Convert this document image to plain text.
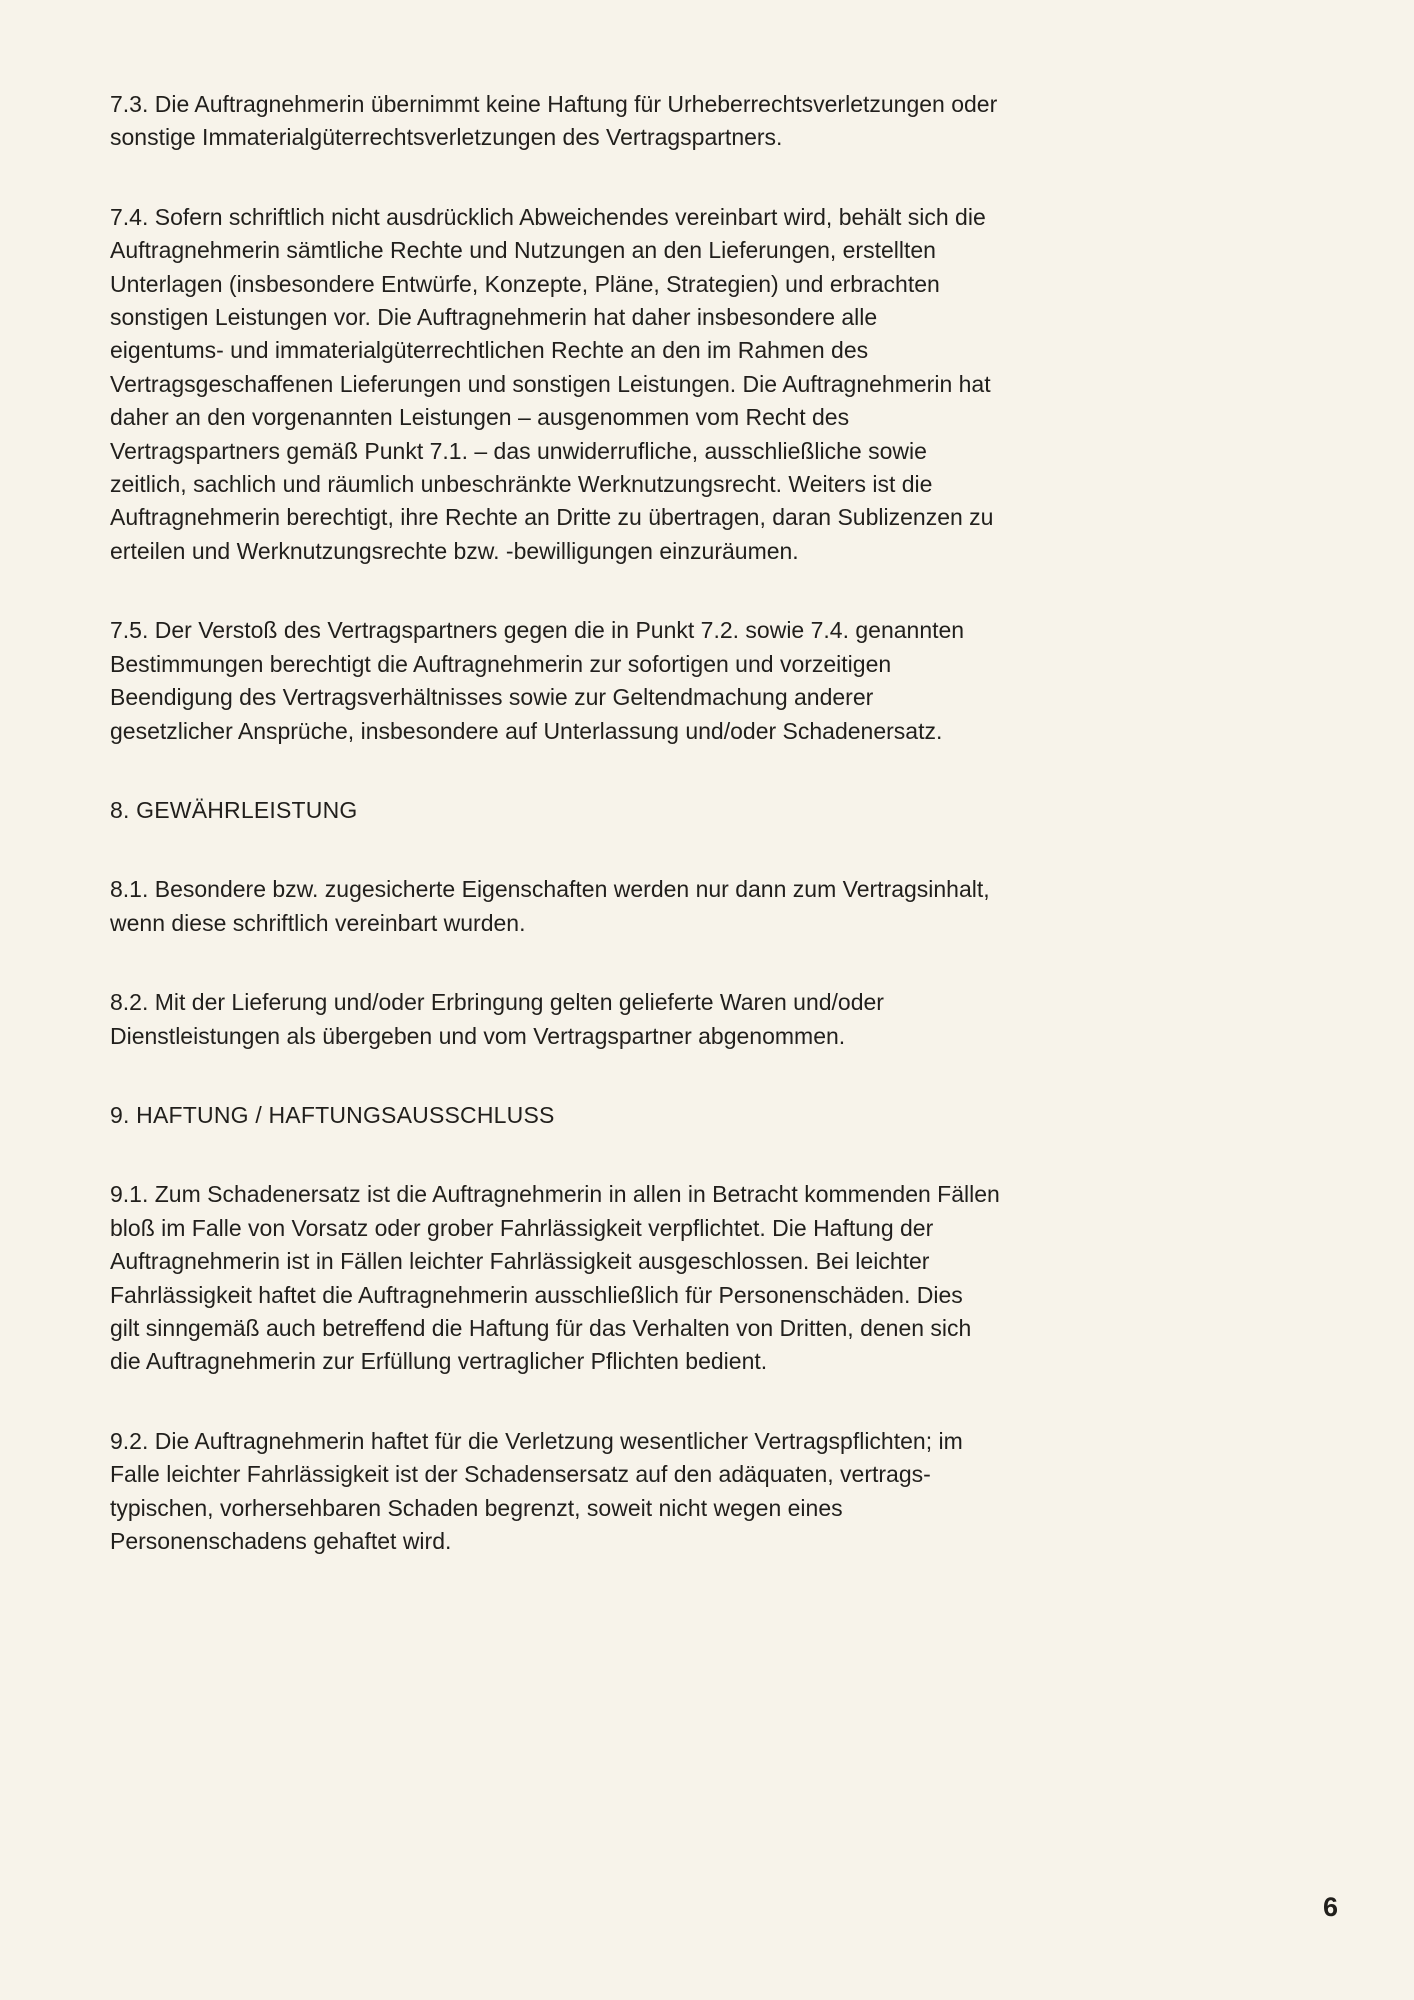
7.3. Die Auftragnehmerin übernimmt keine Haftung für Urheberrechtsverletzungen oder
sonstige Immaterialgüterrechtsverletzungen des Vertragspartners.

7.4. Sofern schriftlich nicht ausdrücklich Abweichendes vereinbart wird, behält sich die
Auftragnehmerin sämtliche Rechte und Nutzungen an den Lieferungen, erstellten
Unterlagen (insbesondere Entwürfe, Konzepte, Pläne, Strategien) und erbrachten
sonstigen Leistungen vor. Die Auftragnehmerin hat daher insbesondere alle
eigentums- und immaterialgüterrechtlichen Rechte an den im Rahmen des
Vertragsgeschaffenen Lieferungen und sonstigen Leistungen. Die Auftragnehmerin hat
daher an den vorgenannten Leistungen – ausgenommen vom Recht des
Vertragspartners gemäß Punkt 7.1. – das unwiderrufliche, ausschließliche sowie
zeitlich, sachlich und räumlich unbeschränkte Werknutzungsrecht. Weiters ist die
Auftragnehmerin berechtigt, ihre Rechte an Dritte zu übertragen, daran Sublizenzen zu
erteilen und Werknutzungsrechte bzw. -bewilligungen einzuräumen.

7.5. Der Verstoß des Vertragspartners gegen die in Punkt 7.2. sowie 7.4. genannten
Bestimmungen berechtigt die Auftragnehmerin zur sofortigen und vorzeitigen
Beendigung des Vertragsverhältnisses sowie zur Geltendmachung anderer
gesetzlicher Ansprüche, insbesondere auf Unterlassung und/oder Schadenersatz.

8. GEWÄHRLEISTUNG

8.1. Besondere bzw. zugesicherte Eigenschaften werden nur dann zum Vertragsinhalt,
wenn diese schriftlich vereinbart wurden.

8.2. Mit der Lieferung und/oder Erbringung gelten gelieferte Waren und/oder
Dienstleistungen als übergeben und vom Vertragspartner abgenommen.

9. HAFTUNG / HAFTUNGSAUSSCHLUSS

9.1. Zum Schadenersatz ist die Auftragnehmerin in allen in Betracht kommenden Fällen
bloß im Falle von Vorsatz oder grober Fahrlässigkeit verpflichtet. Die Haftung der
Auftragnehmerin ist in Fällen leichter Fahrlässigkeit ausgeschlossen. Bei leichter
Fahrlässigkeit haftet die Auftragnehmerin ausschließlich für Personenschäden. Dies
gilt sinngemäß auch betreffend die Haftung für das Verhalten von Dritten, denen sich
die Auftragnehmerin zur Erfüllung vertraglicher Pflichten bedient.

9.2. Die Auftragnehmerin haftet für die Verletzung wesentlicher Vertragspflichten; im
Falle leichter Fahrlässigkeit ist der Schadensersatz auf den adäquaten, vertrags-
typischen, vorhersehbaren Schaden begrenzt, soweit nicht wegen eines
Personenschadens gehaftet wird.

6
